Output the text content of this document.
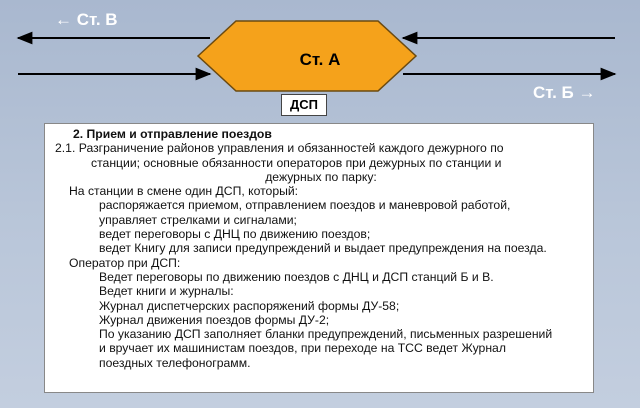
← Ст. В
Ст. Б →
Ст. А
ДСП
2. Прием и отправление поездов
2.1. Разграничение районов управления и обязанностей каждого дежурного по
станции; основные обязанности операторов при дежурных по станции и
дежурных по парку:
На станции в смене один ДСП, который:
распоряжается приемом, отправлением поездов и маневровой работой,
управляет стрелками и сигналами;
ведет переговоры с ДНЦ по движению поездов;
ведет Книгу для записи предупреждений и выдает предупреждения на поезда.
Оператор при ДСП:
Ведет переговоры по движению поездов с ДНЦ и ДСП станций Б и В.
Ведет книги и журналы:
Журнал диспетчерских распоряжений формы ДУ-58;
Журнал движения поездов формы ДУ-2;
По указанию ДСП заполняет бланки предупреждений, письменных разрешений
и вручает их машинистам поездов, при переходе на ТСС ведет Журнал
поездных телефонограмм.
